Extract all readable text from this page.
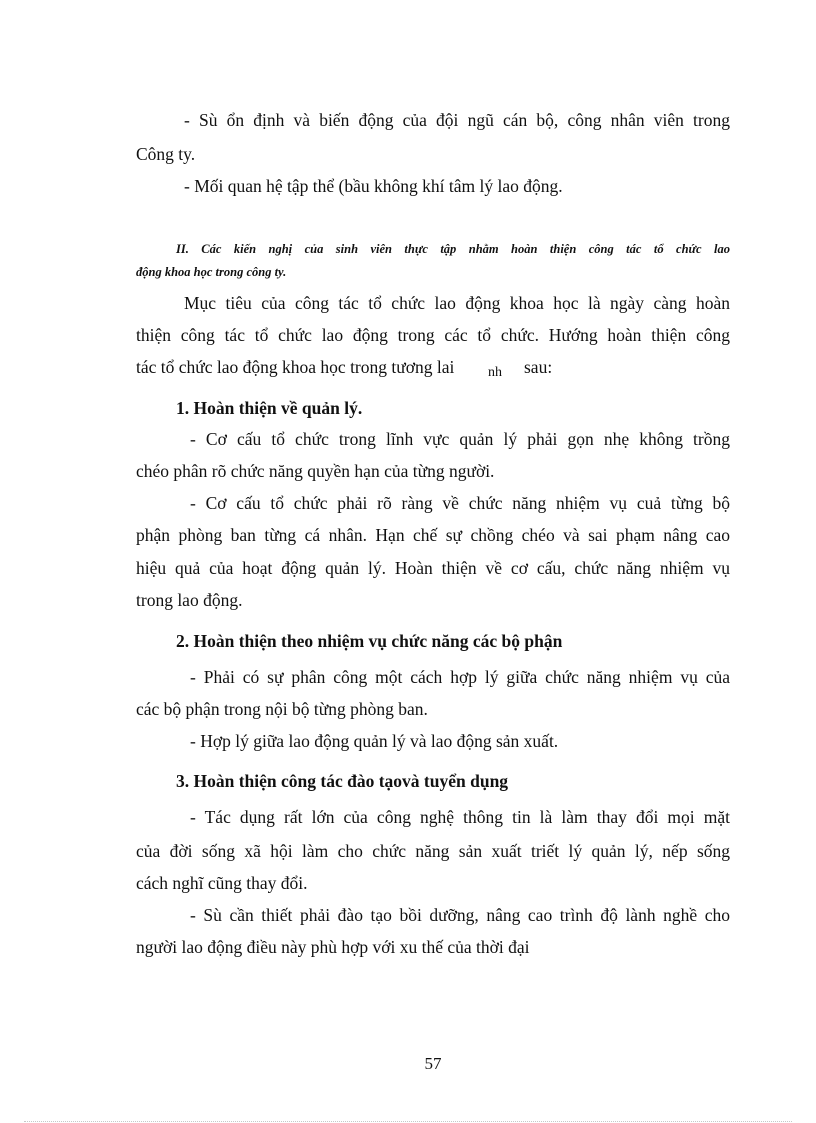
- Sù ổn định và biến động của đội ngũ cán bộ, công nhân viên trong
Công ty.
- Mối quan hệ tập thể (bầu không khí tâm lý lao động.
II. Các kiến nghị của sinh viên thực tập nhằm hoàn thiện công tác tổ chức lao
động khoa học trong công ty.
Mục tiêu của công tác tổ chức lao động khoa học là ngày càng hoàn
thiện công tác tổ chức lao động trong các tổ chức. Hướng hoàn thiện công
tác tổ chức lao động khoa học trong tương lai nh sau:
1. Hoàn thiện về quản lý.
- Cơ cấu tổ chức trong lĩnh vực quản lý phải gọn nhẹ không trồng
chéo phân rõ chức năng quyền hạn của từng người.
- Cơ cấu tổ chức phải rõ ràng về chức năng nhiệm vụ cuả từng bộ
phận phòng ban từng cá nhân. Hạn chế sự chồng chéo và sai phạm nâng cao
hiệu quả của hoạt động quản lý. Hoàn thiện về cơ cấu, chức năng nhiệm vụ
trong lao động.
2. Hoàn thiện theo nhiệm vụ chức năng các bộ phận
- Phải có sự phân công một cách hợp lý giữa chức năng nhiệm vụ của
các bộ phận trong nội bộ từng phòng ban.
- Hợp lý giữa lao động quản lý và lao động sản xuất.
3. Hoàn thiện công tác đào tạovà tuyển dụng
- Tác dụng rất lớn của công nghệ thông tin là làm thay đổi mọi mặt
của đời sống xã hội làm cho chức năng sản xuất triết lý quản lý, nếp sống
cách nghĩ cũng thay đổi.
- Sù cần thiết phải đào tạo bồi dưỡng, nâng cao trình độ lành nghề cho
người lao động điều này phù hợp với xu thế của thời đại
57
